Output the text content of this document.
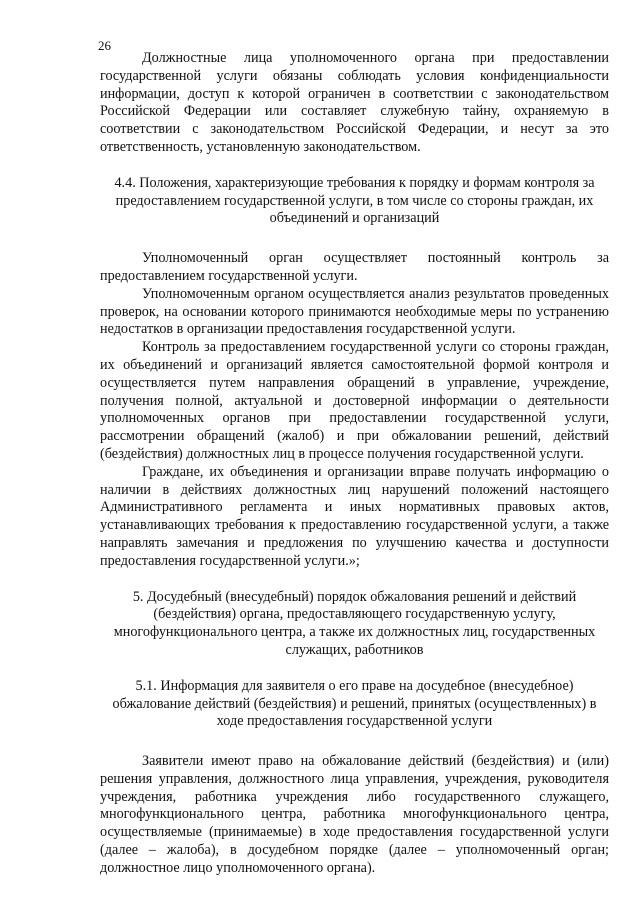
26

Должностные лица уполномоченного органа при предоставлении государственной услуги обязаны соблюдать условия конфиденциальности информации, доступ к которой ограничен в соответствии с законодательством Российской Федерации или составляет служебную тайну, охраняемую в соответствии с законодательством Российской Федерации, и несут за это ответственность, установленную законодательством.

4.4. Положения, характеризующие требования к порядку и формам контроля за предоставлением государственной услуги, в том числе со стороны граждан, их объединений и организаций

Уполномоченный орган осуществляет постоянный контроль за предоставлением государственной услуги.

Уполномоченным органом осуществляется анализ результатов проведенных проверок, на основании которого принимаются необходимые меры по устранению недостатков в организации предоставления государственной услуги.

Контроль за предоставлением государственной услуги со стороны граждан, их объединений и организаций является самостоятельной формой контроля и осуществляется путем направления обращений в управление, учреждение, получения полной, актуальной и достоверной информации о деятельности уполномоченных органов при предоставлении государственной услуги, рассмотрении обращений (жалоб) и при обжаловании решений, действий (бездействия) должностных лиц в процессе получения государственной услуги.

Граждане, их объединения и организации вправе получать информацию о наличии в действиях должностных лиц нарушений положений настоящего Административного регламента и иных нормативных правовых актов, устанавливающих требования к предоставлению государственной услуги, а также направлять замечания и предложения по улучшению качества и доступности предоставления государственной услуги.»;

5. Досудебный (внесудебный) порядок обжалования решений и действий (бездействия) органа, предоставляющего государственную услугу, многофункционального центра, а также их должностных лиц, государственных служащих, работников

5.1. Информация для заявителя о его праве на досудебное (внесудебное) обжалование действий (бездействия) и решений, принятых (осуществленных) в ходе предоставления государственной услуги

Заявители имеют право на обжалование действий (бездействия) и (или) решения управления, должностного лица управления, учреждения, руководителя учреждения, работника учреждения либо государственного служащего, многофункционального центра, работника многофункционального центра, осуществляемые (принимаемые) в ходе предоставления государственной услуги (далее – жалоба), в досудебном порядке (далее – уполномоченный орган; должностное лицо уполномоченного органа).
